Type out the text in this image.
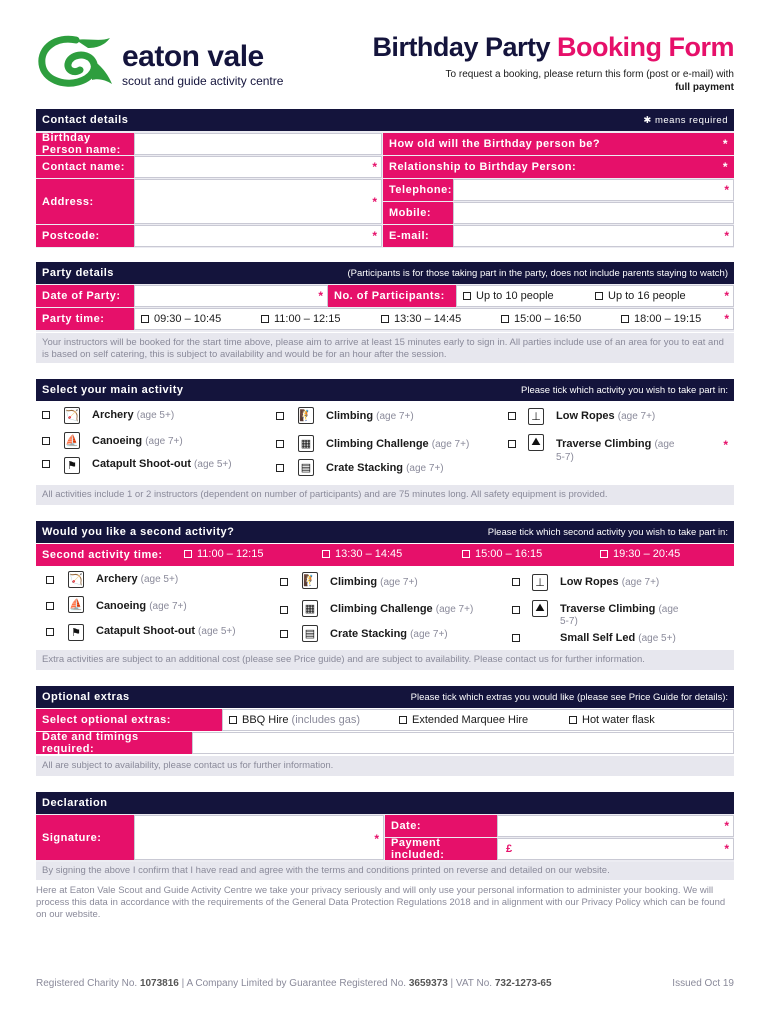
eaton vale
scout and guide activity centre
Birthday Party Booking Form
To request a booking, please return this form (post or e-mail) with
full payment
Contact details	✱ means required
Birthday Person name:
Contact name:	*
Address:	*
Postcode:	*
How old will the Birthday person be?	*
Relationship to Birthday Person:	*
Telephone:	*
Mobile:
E-mail:	*
Party details	(Participants is for those taking part in the party, does not include parents staying to watch)
Date of Party:	*	No. of Participants:	Up to 10 people	Up to 16 people	*
Party time:	09:30 – 10:45	11:00 – 12:15	13:30 – 14:45	15:00 – 16:50	18:00 – 19:15 *
Your instructors will be booked for the start time above, please aim to arrive at least 15 minutes early to sign in. All parties include use of an area for you to eat and is based on self catering, this is subject to availability and would be for an hour after the session.
Select your main activity	Please tick which activity you wish to take part in:
🏹 Archery (age 5+)
⛵ Canoeing (age 7+)
⚑ Catapult Shoot-out (age 5+)
🧗 Climbing (age 7+)
▦ Climbing Challenge (age 7+)
▤ Crate Stacking (age 7+)
⊥ Low Ropes (age 7+)
⛰	Traverse Climbing (age
5-7)
*
All activities include 1 or 2 instructors (dependent on number of participants) and are 75 minutes long. All safety equipment is provided.
Would you like a second activity?	Please tick which second activity you wish to take part in:
Second activity time:	11:00 – 12:15	13:30 – 14:45	15:00 – 16:15	19:30 – 20:45
🏹 Archery (age 5+)
⛵ Canoeing (age 7+)
⚑ Catapult Shoot-out (age 5+)
🧗 Climbing (age 7+)
▦ Climbing Challenge (age 7+)
▤ Crate Stacking (age 7+)
⊥ Low Ropes (age 7+)
⛰	Traverse Climbing (age
5-7)
Small Self Led (age 5+)
Extra activities are subject to an additional cost (please see Price guide) and are subject to availability. Please contact us for further information.
Optional extras	Please tick which extras you would like (please see Price Guide for details):
Select optional extras:	BBQ Hire
(includes gas)	Extended Marquee Hire	Hot water flask
Date and timings required:
All are subject to availability, please contact us for further information.
Declaration
Signature:	*
Date:	*
Payment included:	£	*
By signing the above I confirm that I have read and agree with the terms and conditions printed on reverse and detailed on our website.
Here at Eaton Vale Scout and Guide Activity Centre we take your privacy seriously and will only use your personal information to administer your booking. We will process this data in accordance with the requirements of the General Data Protection Regulations 2018 and in alignment with our Privacy Policy which can be found on our website.
Registered Charity No. 1073816 | A Company Limited by Guarantee Registered No. 3659373 | VAT No. 732-1273-65	Issued Oct 19
